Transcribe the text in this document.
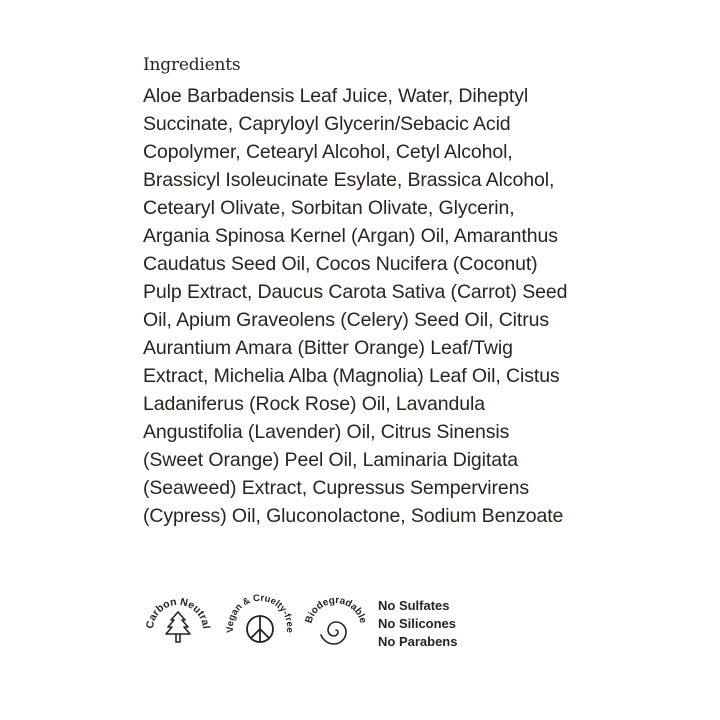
Ingredients
Aloe Barbadensis Leaf Juice, Water, Diheptyl
Succinate, Capryloyl Glycerin/Sebacic Acid
Copolymer, Cetearyl Alcohol, Cetyl Alcohol,
Brassicyl Isoleucinate Esylate, Brassica Alcohol,
Cetearyl Olivate, Sorbitan Olivate, Glycerin,
Argania Spinosa Kernel (Argan) Oil, Amaranthus
Caudatus Seed Oil, Cocos Nucifera (Coconut)
Pulp Extract, Daucus Carota Sativa (Carrot) Seed
Oil, Apium Graveolens (Celery) Seed Oil, Citrus
Aurantium Amara (Bitter Orange) Leaf/Twig
Extract, Michelia Alba (Magnolia) Leaf Oil, Cistus
Ladaniferus (Rock Rose) Oil, Lavandula
Angustifolia (Lavender) Oil, Citrus Sinensis
(Sweet Orange) Peel Oil, Laminaria Digitata
(Seaweed) Extract, Cupressus Sempervirens
(Cypress) Oil, Gluconolactone, Sodium Benzoate
Carbon Neutral Vegan & Cruelty-free
Biodegradable
No Sulfates
No Silicones
No Parabens
